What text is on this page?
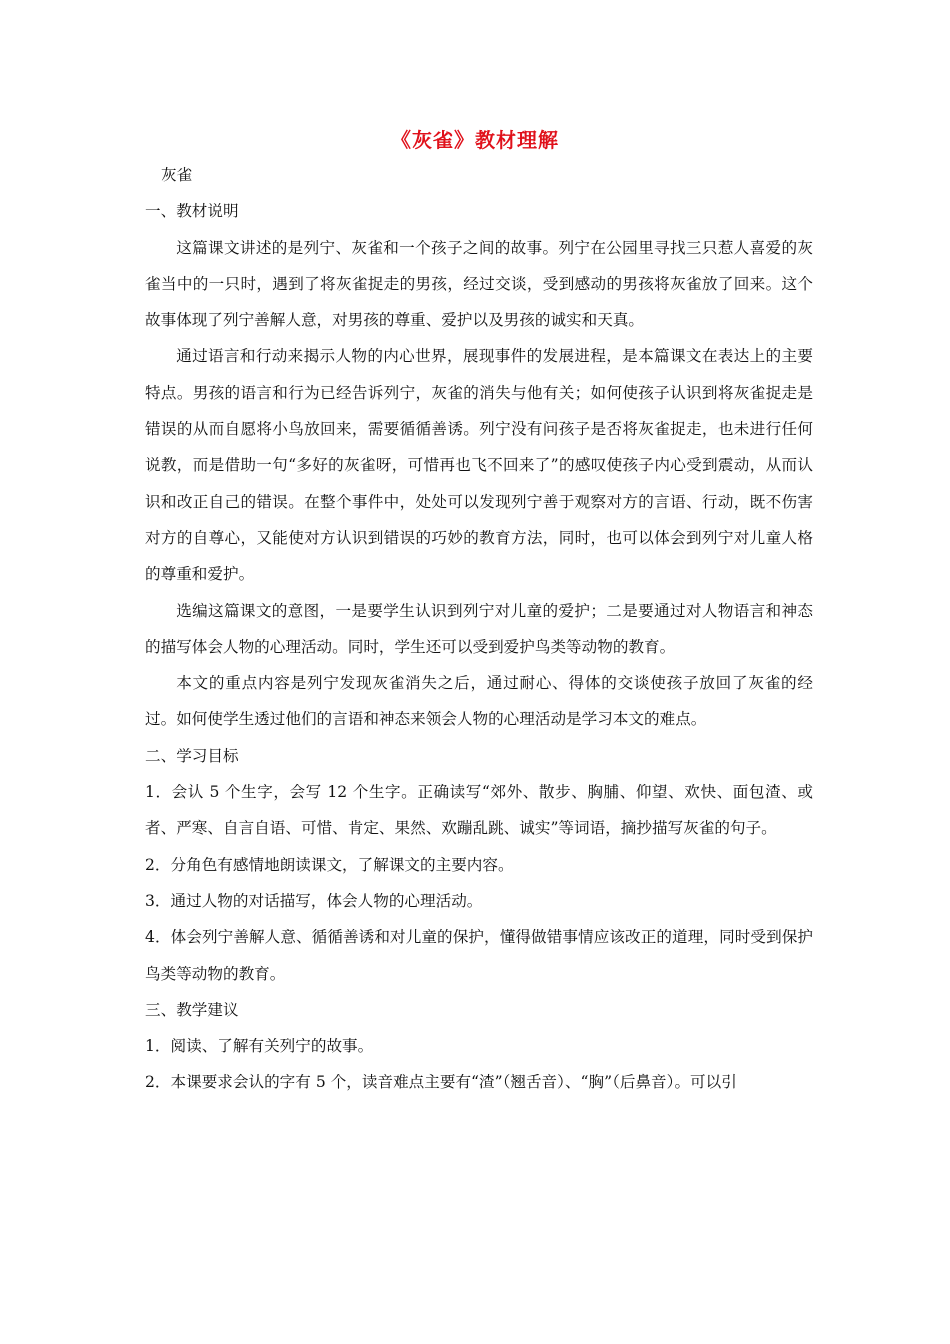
《灰雀》教材理解

灰雀

一、教材说明

这篇课文讲述的是列宁、灰雀和一个孩子之间的故事。列宁在公园里寻找三只惹人喜爱的灰雀当中的一只时，遇到了将灰雀捉走的男孩，经过交谈，受到感动的男孩将灰雀放了回来。这个故事体现了列宁善解人意，对男孩的尊重、爱护以及男孩的诚实和天真。

通过语言和行动来揭示人物的内心世界，展现事件的发展进程，是本篇课文在表达上的主要特点。男孩的语言和行为已经告诉列宁，灰雀的消失与他有关；如何使孩子认识到将灰雀捉走是错误的从而自愿将小鸟放回来，需要循循善诱。列宁没有问孩子是否将灰雀捉走，也未进行任何说教，而是借助一句“多好的灰雀呀，可惜再也飞不回来了”的感叹使孩子内心受到震动，从而认识和改正自己的错误。在整个事件中，处处可以发现列宁善于观察对方的言语、行动，既不伤害对方的自尊心，又能使对方认识到错误的巧妙的教育方法，同时，也可以体会到列宁对儿童人格的尊重和爱护。

选编这篇课文的意图，一是要学生认识到列宁对儿童的爱护；二是要通过对人物语言和神态的描写体会人物的心理活动。同时，学生还可以受到爱护鸟类等动物的教育。

本文的重点内容是列宁发现灰雀消失之后，通过耐心、得体的交谈使孩子放回了灰雀的经过。如何使学生透过他们的言语和神态来领会人物的心理活动是学习本文的难点。

二、学习目标

1．会认 5 个生字，会写 12 个生字。正确读写“郊外、散步、胸脯、仰望、欢快、面包渣、或者、严寒、自言自语、可惜、肯定、果然、欢蹦乱跳、诚实”等词语，摘抄描写灰雀的句子。

2．分角色有感情地朗读课文，了解课文的主要内容。

3．通过人物的对话描写，体会人物的心理活动。

4．体会列宁善解人意、循循善诱和对儿童的保护，懂得做错事情应该改正的道理，同时受到保护鸟类等动物的教育。

三、教学建议

1．阅读、了解有关列宁的故事。

2．本课要求会认的字有 5 个，读音难点主要有“渣”（翘舌音）、“胸”（后鼻音）。可以引
